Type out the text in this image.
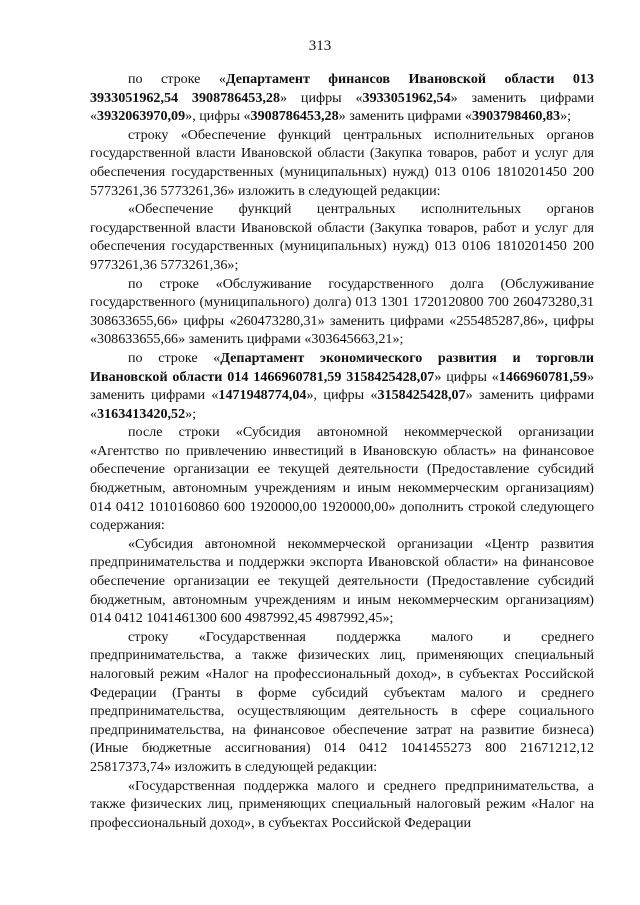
313

по строке «Департамент финансов Ивановской области 013 3933051962,54 3908786453,28» цифры «3933051962,54» заменить цифрами «3932063970,09», цифры «3908786453,28» заменить цифрами «3903798460,83»;

строку «Обеспечение функций центральных исполнительных органов государственной власти Ивановской области (Закупка товаров, работ и услуг для обеспечения государственных (муниципальных) нужд) 013 0106 1810201450 200 5773261,36 5773261,36» изложить в следующей редакции:

«Обеспечение функций центральных исполнительных органов государственной власти Ивановской области (Закупка товаров, работ и услуг для обеспечения государственных (муниципальных) нужд) 013 0106 1810201450 200 9773261,36 5773261,36»;

по строке «Обслуживание государственного долга (Обслуживание государственного (муниципального) долга) 013 1301 1720120800 700 260473280,31 308633655,66» цифры «260473280,31» заменить цифрами «255485287,86», цифры «308633655,66» заменить цифрами «303645663,21»;

по строке «Департамент экономического развития и торговли Ивановской области 014 1466960781,59 3158425428,07» цифры «1466960781,59» заменить цифрами «1471948774,04», цифры «3158425428,07» заменить цифрами «3163413420,52»;

после строки «Субсидия автономной некоммерческой организации «Агентство по привлечению инвестиций в Ивановскую область» на финансовое обеспечение организации ее текущей деятельности (Предоставление субсидий бюджетным, автономным учреждениям и иным некоммерческим организациям) 014 0412 1010160860 600 1920000,00 1920000,00» дополнить строкой следующего содержания:

«Субсидия автономной некоммерческой организации «Центр развития предпринимательства и поддержки экспорта Ивановской области» на финансовое обеспечение организации ее текущей деятельности (Предоставление субсидий бюджетным, автономным учреждениям и иным некоммерческим организациям) 014 0412 1041461300 600 4987992,45 4987992,45»;

строку «Государственная поддержка малого и среднего предпринимательства, а также физических лиц, применяющих специальный налоговый режим «Налог на профессиональный доход», в субъектах Российской Федерации (Гранты в форме субсидий субъектам малого и среднего предпринимательства, осуществляющим деятельность в сфере социального предпринимательства, на финансовое обеспечение затрат на развитие бизнеса) (Иные бюджетные ассигнования) 014 0412 1041455273 800 21671212,12 25817373,74» изложить в следующей редакции:

«Государственная поддержка малого и среднего предпринимательства, а также физических лиц, применяющих специальный налоговый режим «Налог на профессиональный доход», в субъектах Российской Федерации
